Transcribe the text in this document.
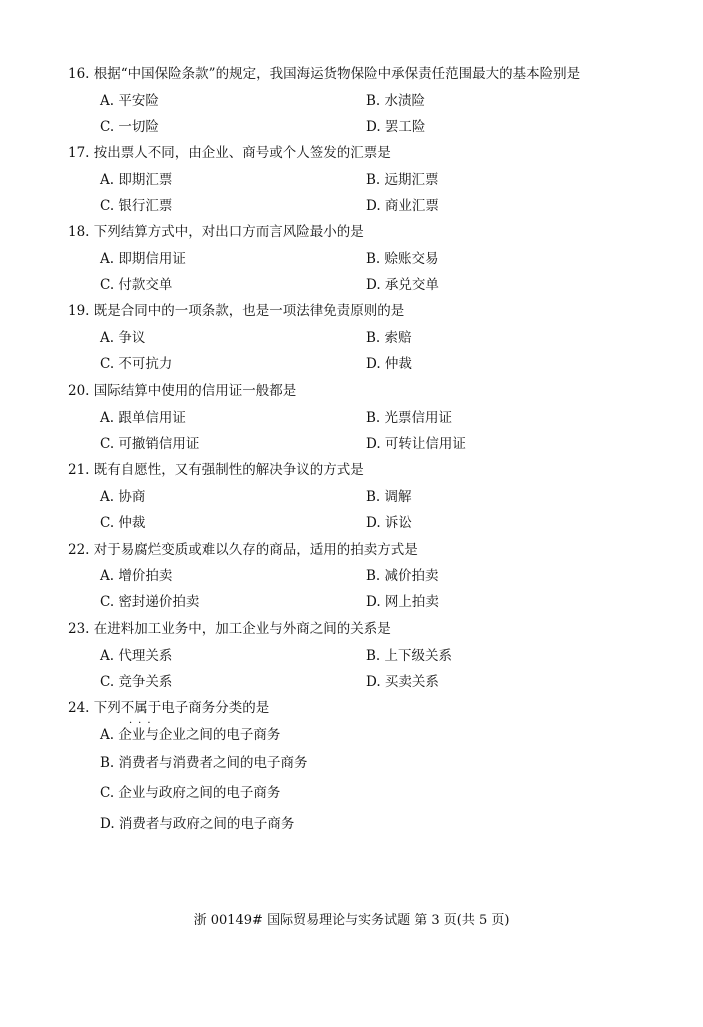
16. 根据“中国保险条款”的规定，我国海运货物保险中承保责任范围最大的基本险别是
A. 平安险	B. 水渍险
C. 一切险	D. 罢工险
17. 按出票人不同，由企业、商号或个人签发的汇票是
A. 即期汇票	B. 远期汇票
C. 银行汇票	D. 商业汇票
18. 下列结算方式中，对出口方而言风险最小的是
A. 即期信用证	B. 赊账交易
C. 付款交单	D. 承兑交单
19. 既是合同中的一项条款，也是一项法律免责原则的是
A. 争议	B. 索赔
C. 不可抗力	D. 仲裁
20. 国际结算中使用的信用证一般都是
A. 跟单信用证	B. 光票信用证
C. 可撤销信用证	D. 可转让信用证
21. 既有自愿性，又有强制性的解决争议的方式是
A. 协商	B. 调解
C. 仲裁	D. 诉讼
22. 对于易腐烂变质或难以久存的商品，适用的拍卖方式是
A. 增价拍卖	B. 减价拍卖
C. 密封递价拍卖	D. 网上拍卖
23. 在进料加工业务中，加工企业与外商之间的关系是
A. 代理关系	B. 上下级关系
C. 竞争关系	D. 买卖关系
24. 下列不属于电子商务分类的是
···
A. 企业与企业之间的电子商务
B. 消费者与消费者之间的电子商务
C. 企业与政府之间的电子商务
D. 消费者与政府之间的电子商务
浙 00149# 国际贸易理论与实务试题 第 3 页(共 5 页)
